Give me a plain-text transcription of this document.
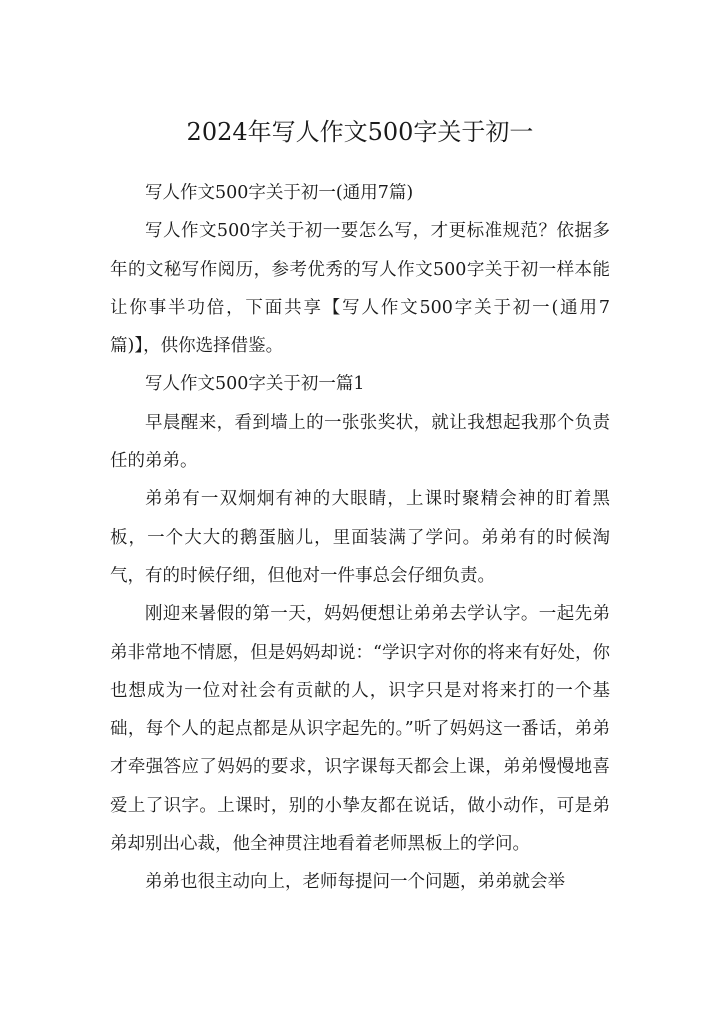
2024年写人作文500字关于初一

写人作文500字关于初一(通用7篇)

写人作文500字关于初一要怎么写，才更标准规范？依据多年的文秘写作阅历，参考优秀的写人作文500字关于初一样本能让你事半功倍，下面共享【写人作文500字关于初一(通用7篇)】，供你选择借鉴。

写人作文500字关于初一篇1

早晨醒来，看到墙上的一张张奖状，就让我想起我那个负责任的弟弟。

弟弟有一双炯炯有神的大眼睛，上课时聚精会神的盯着黑板，一个大大的鹅蛋脑儿，里面装满了学问。弟弟有的时候淘气，有的时候仔细，但他对一件事总会仔细负责。

刚迎来暑假的第一天，妈妈便想让弟弟去学认字。一起先弟弟非常地不情愿，但是妈妈却说：“学识字对你的将来有好处，你也想成为一位对社会有贡献的人，识字只是对将来打的一个基础，每个人的起点都是从识字起先的。”听了妈妈这一番话，弟弟才牵强答应了妈妈的要求，识字课每天都会上课，弟弟慢慢地喜爱上了识字。上课时，别的小挚友都在说话，做小动作，可是弟弟却别出心裁，他全神贯注地看着老师黑板上的学问。

弟弟也很主动向上，老师每提问一个问题，弟弟就会举
